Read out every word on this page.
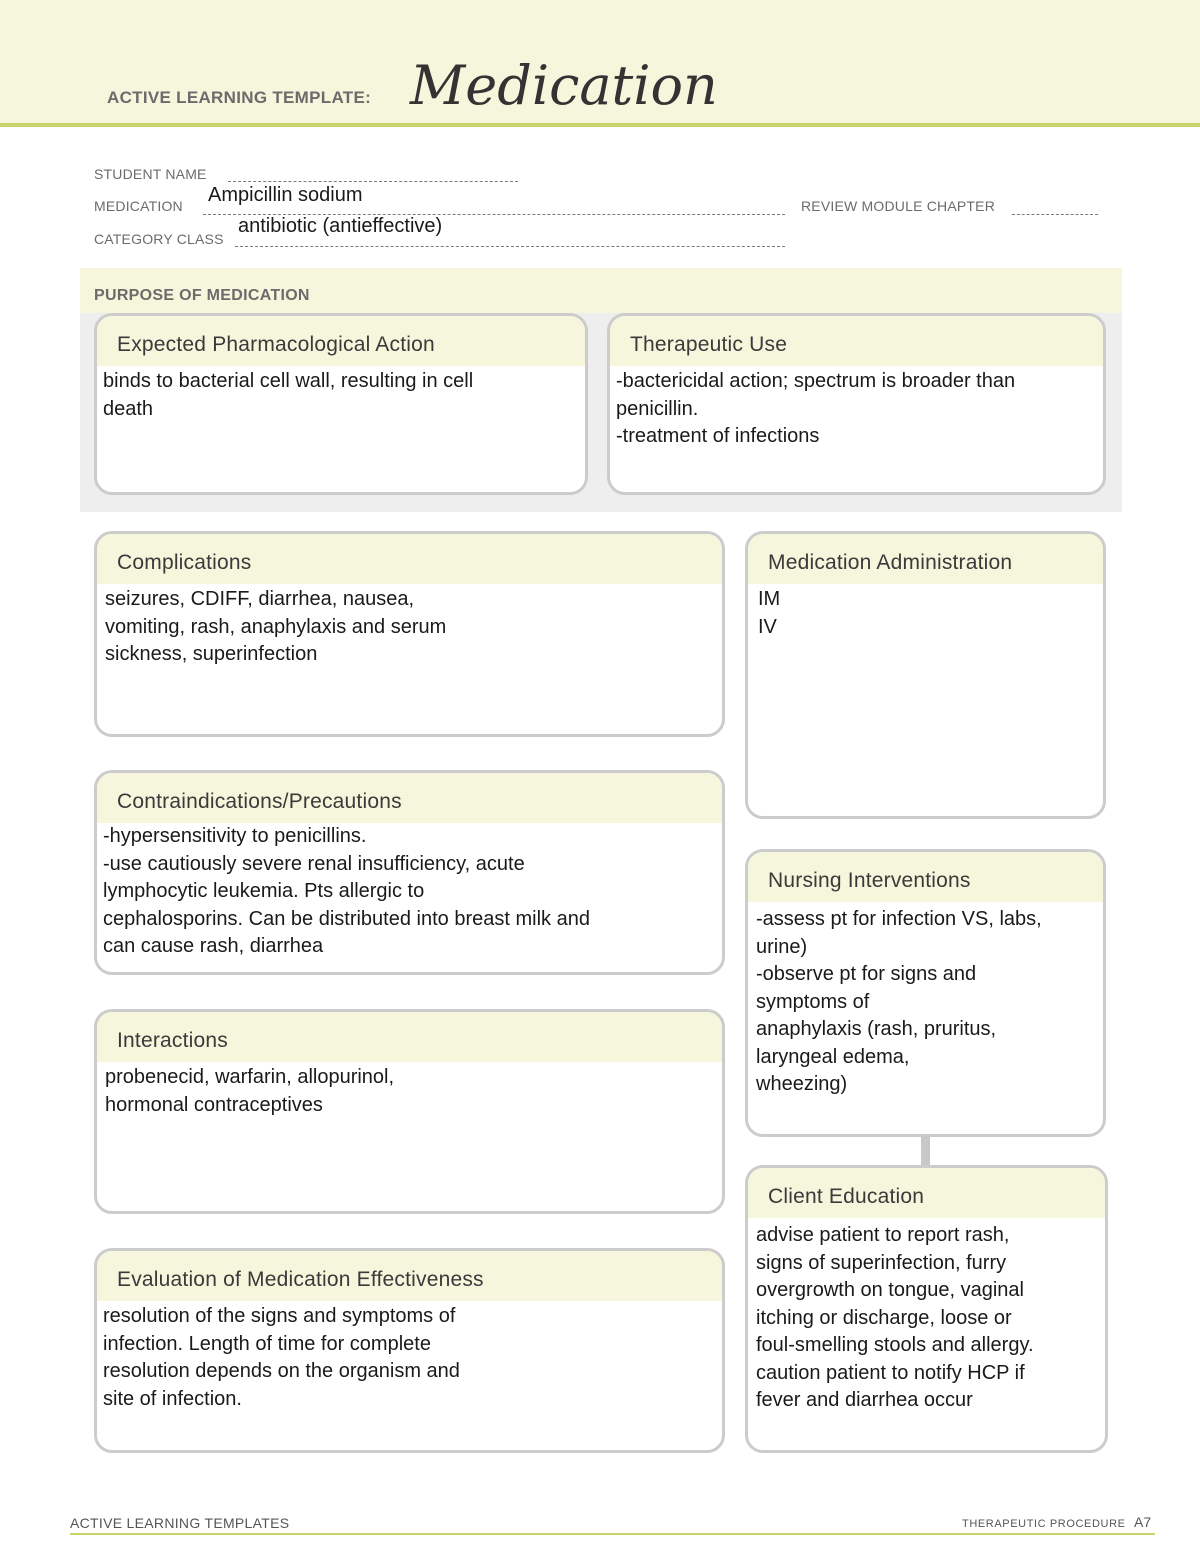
ACTIVE LEARNING TEMPLATE: Medication
STUDENT NAME
MEDICATION Ampicillin sodium	REVIEW MODULE CHAPTER
CATEGORY CLASS
antibiotic (antieffective)
PURPOSE OF MEDICATION
Expected Pharmacological Action
binds to bacterial cell wall, resulting in cell
death
Therapeutic Use
-bactericidal action; spectrum is broader than
penicillin.
-treatment of infections
Complications
seizures, CDIFF, diarrhea, nausea,
vomiting, rash, anaphylaxis and serum
sickness, superinfection
Medication Administration
IM
IV
Contraindications/Precautions
-hypersensitivity to penicillins.
-use cautiously severe renal insufficiency, acute
lymphocytic leukemia. Pts allergic to
cephalosporins. Can be distributed into breast milk and
can cause rash, diarrhea
Nursing Interventions
-assess pt for infection VS, labs,
urine)
-observe pt for signs and
symptoms of
anaphylaxis (rash, pruritus,
laryngeal edema,
wheezing)
Interactions
probenecid, warfarin, allopurinol,
hormonal contraceptives
Client Education
advise patient to report rash,
signs of superinfection, furry
overgrowth on tongue, vaginal
itching or discharge, loose or
foul-smelling stools and allergy.
caution patient to notify HCP if
fever and diarrhea occur
Evaluation of Medication Effectiveness
resolution of the signs and symptoms of
infection. Length of time for complete
resolution depends on the organism and
site of infection.
ACTIVE LEARNING TEMPLATES	THERAPEUTIC PROCEDURE A7
